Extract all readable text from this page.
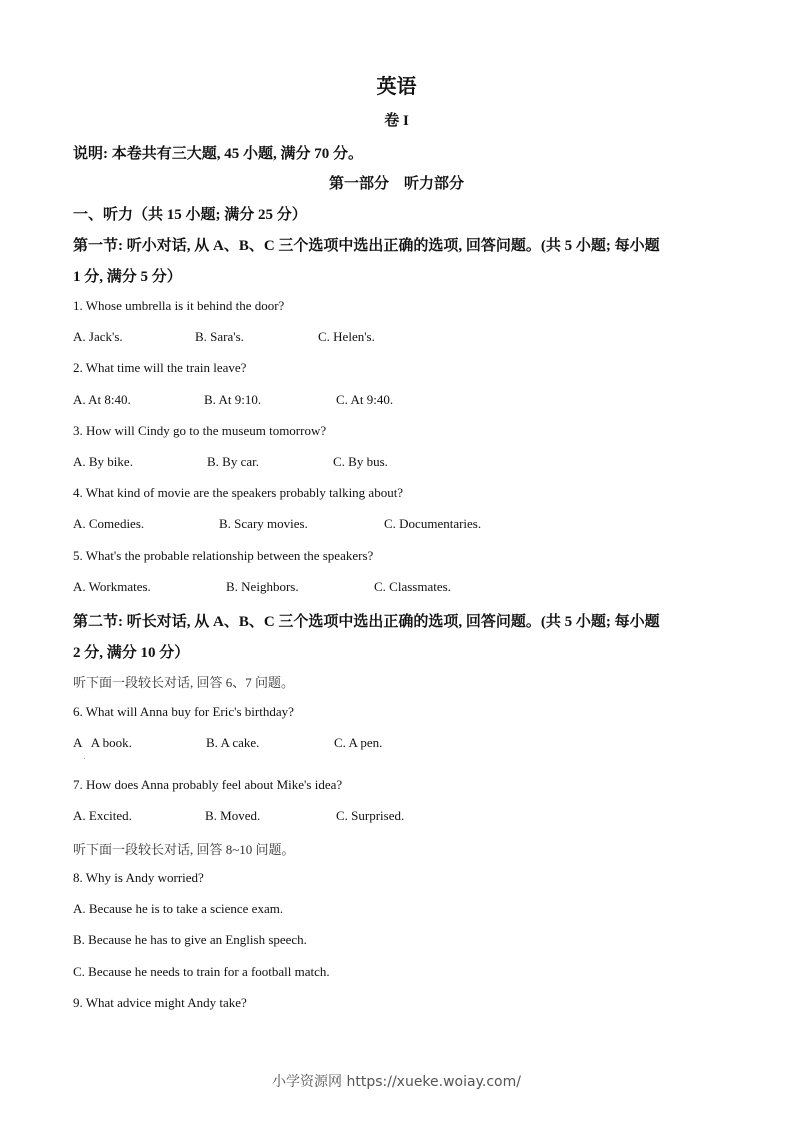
英语
卷 I
说明: 本卷共有三大题, 45 小题, 满分 70 分。
第一部分　听力部分
一、听力（共 15 小题; 满分 25 分）
第一节: 听小对话, 从 A、B、C 三个选项中选出正确的选项, 回答问题。(共 5 小题; 每小题
1 分, 满分 5 分）
1. Whose umbrella is it behind the door?
A. Jack's.	B. Sara's.	C. Helen's.
2. What time will the train leave?
A. At 8:40.	B. At 9:10.	C. At 9:40.
3. How will Cindy go to the museum tomorrow?
A. By bike.	B. By car.	C. By bus.
4. What kind of movie are the speakers probably talking about?
A. Comedies.	B. Scary movies.	C. Documentaries.
5. What's the probable relationship between the speakers?
A. Workmates.	B. Neighbors.	C. Classmates.
第二节: 听长对话, 从 A、B、C 三个选项中选出正确的选项, 回答问题。(共 5 小题; 每小题
2 分, 满分 10 分）
听下面一段较长对话, 回答 6、7 问题。
6. What will Anna buy for Eric's birthday?
A   A book.	B. A cake.	C. A pen.
7. How does Anna probably feel about Mike's idea?
A. Excited.	B. Moved.	C. Surprised.
听下面一段较长对话, 回答 8~10 问题。
8. Why is Andy worried?
A. Because he is to take a science exam.
B. Because he has to give an English speech.
C. Because he needs to train for a football match.
9. What advice might Andy take?
小学资源网 https://xueke.woiay.com/
